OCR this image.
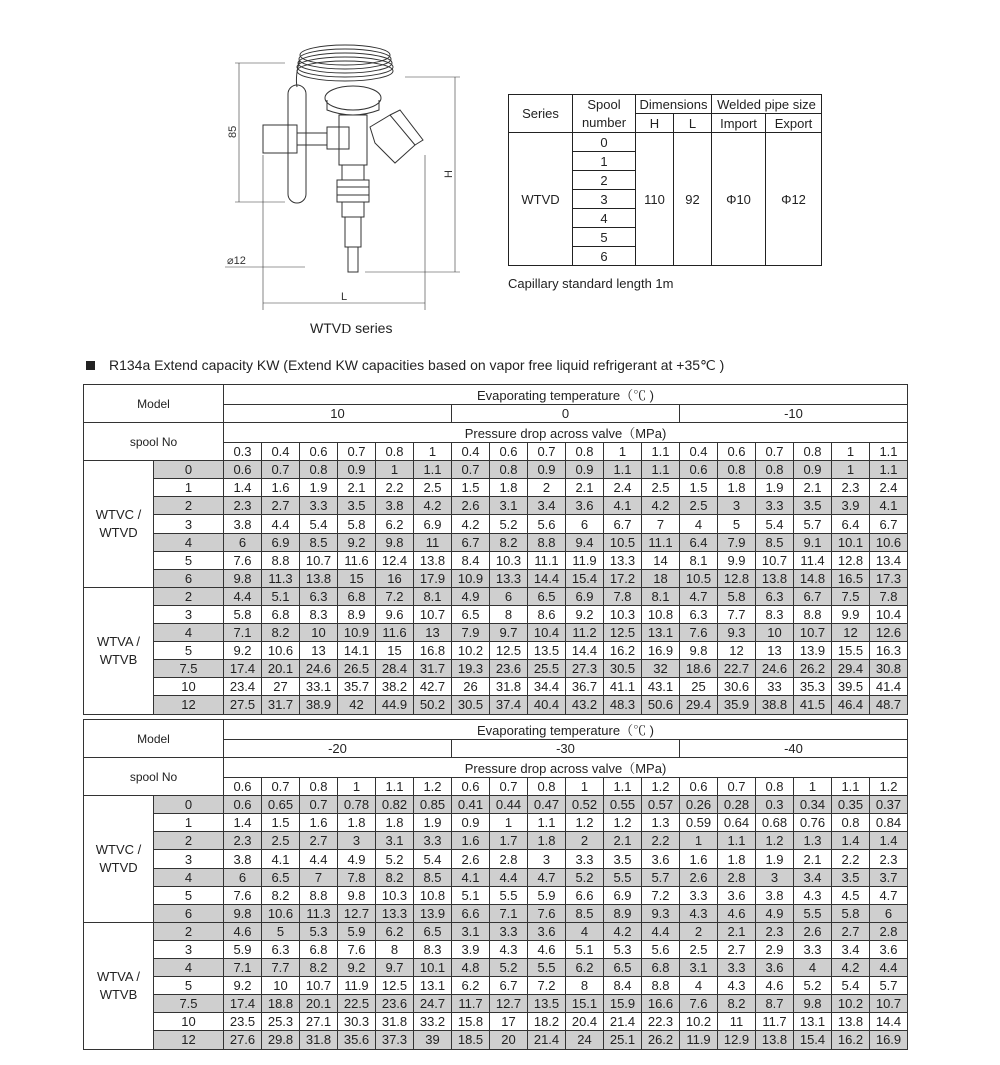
85
H
⌀12
L
WTVD series
Series	Spool number	Dimensions		Welded pipe size	
		H	L	Import	Export
WTVD	0	110	92	Φ10	Φ12
	1				
	2				
	3				
	4				
	5				
	6				
Capillary standard length 1m
R134a Extend capacity KW (Extend KW capacities based on vapor free liquid refrigerant at +35℃ )
Model		Evaporating temperature（℃ )																	
		10						0						-10					
spool No		Pressure drop across valve（MPa)																	
		0.3	0.4	0.6	0.7	0.8	1	0.4	0.6	0.7	0.8	1	1.1	0.4	0.6	0.7	0.8	1	1.1

WTVC /
WTVD	0	0.6	0.7	0.8	0.9	1	1.1	0.7	0.8	0.9	0.9	1.1	1.1	0.6	0.8	0.8	0.9	1	1.1
	1	1.4	1.6	1.9	2.1	2.2	2.5	1.5	1.8	2	2.1	2.4	2.5	1.5	1.8	1.9	2.1	2.3	2.4
	2	2.3	2.7	3.3	3.5	3.8	4.2	2.6	3.1	3.4	3.6	4.1	4.2	2.5	3	3.3	3.5	3.9	4.1
	3	3.8	4.4	5.4	5.8	6.2	6.9	4.2	5.2	5.6	6	6.7	7	4	5	5.4	5.7	6.4	6.7
	4	6	6.9	8.5	9.2	9.8	11	6.7	8.2	8.8	9.4	10.5	11.1	6.4	7.9	8.5	9.1	10.1	10.6
	5	7.6	8.8	10.7	11.6	12.4	13.8	8.4	10.3	11.1	11.9	13.3	14	8.1	9.9	10.7	11.4	12.8	13.4
	6	9.8	11.3	13.8	15	16	17.9	10.9	13.3	14.4	15.4	17.2	18	10.5	12.8	13.8	14.8	16.5	17.3

WTVA /
WTVB	2	4.4	5.1	6.3	6.8	7.2	8.1	4.9	6	6.5	6.9	7.8	8.1	4.7	5.8	6.3	6.7	7.5	7.8
	3	5.8	6.8	8.3	8.9	9.6	10.7	6.5	8	8.6	9.2	10.3	10.8	6.3	7.7	8.3	8.8	9.9	10.4
	4	7.1	8.2	10	10.9	11.6	13	7.9	9.7	10.4	11.2	12.5	13.1	7.6	9.3	10	10.7	12	12.6
	5	9.2	10.6	13	14.1	15	16.8	10.2	12.5	13.5	14.4	16.2	16.9	9.8	12	13	13.9	15.5	16.3
	7.5	17.4	20.1	24.6	26.5	28.4	31.7	19.3	23.6	25.5	27.3	30.5	32	18.6	22.7	24.6	26.2	29.4	30.8
	10	23.4	27	33.1	35.7	38.2	42.7	26	31.8	34.4	36.7	41.1	43.1	25	30.6	33	35.3	39.5	41.4
	12	27.5	31.7	38.9	42	44.9	50.2	30.5	37.4	40.4	43.2	48.3	50.6	29.4	35.9	38.8	41.5	46.4	48.7
Model		Evaporating temperature（℃ )																	
		-20						-30						-40					
spool No		Pressure drop across valve（MPa)																	
		0.6	0.7	0.8	1	1.1	1.2	0.6	0.7	0.8	1	1.1	1.2	0.6	0.7	0.8	1	1.1	1.2

WTVC /
WTVD	0	0.6	0.65	0.7	0.78	0.82	0.85	0.41	0.44	0.47	0.52	0.55	0.57	0.26	0.28	0.3	0.34	0.35	0.37
	1	1.4	1.5	1.6	1.8	1.8	1.9	0.9	1	1.1	1.2	1.2	1.3	0.59	0.64	0.68	0.76	0.8	0.84
	2	2.3	2.5	2.7	3	3.1	3.3	1.6	1.7	1.8	2	2.1	2.2	1	1.1	1.2	1.3	1.4	1.4
	3	3.8	4.1	4.4	4.9	5.2	5.4	2.6	2.8	3	3.3	3.5	3.6	1.6	1.8	1.9	2.1	2.2	2.3
	4	6	6.5	7	7.8	8.2	8.5	4.1	4.4	4.7	5.2	5.5	5.7	2.6	2.8	3	3.4	3.5	3.7
	5	7.6	8.2	8.8	9.8	10.3	10.8	5.1	5.5	5.9	6.6	6.9	7.2	3.3	3.6	3.8	4.3	4.5	4.7
	6	9.8	10.6	11.3	12.7	13.3	13.9	6.6	7.1	7.6	8.5	8.9	9.3	4.3	4.6	4.9	5.5	5.8	6

WTVA /
WTVB	2	4.6	5	5.3	5.9	6.2	6.5	3.1	3.3	3.6	4	4.2	4.4	2	2.1	2.3	2.6	2.7	2.8
	3	5.9	6.3	6.8	7.6	8	8.3	3.9	4.3	4.6	5.1	5.3	5.6	2.5	2.7	2.9	3.3	3.4	3.6
	4	7.1	7.7	8.2	9.2	9.7	10.1	4.8	5.2	5.5	6.2	6.5	6.8	3.1	3.3	3.6	4	4.2	4.4
	5	9.2	10	10.7	11.9	12.5	13.1	6.2	6.7	7.2	8	8.4	8.8	4	4.3	4.6	5.2	5.4	5.7
	7.5	17.4	18.8	20.1	22.5	23.6	24.7	11.7	12.7	13.5	15.1	15.9	16.6	7.6	8.2	8.7	9.8	10.2	10.7
	10	23.5	25.3	27.1	30.3	31.8	33.2	15.8	17	18.2	20.4	21.4	22.3	10.2	11	11.7	13.1	13.8	14.4
	12	27.6	29.8	31.8	35.6	37.3	39	18.5	20	21.4	24	25.1	26.2	11.9	12.9	13.8	15.4	16.2	16.9
